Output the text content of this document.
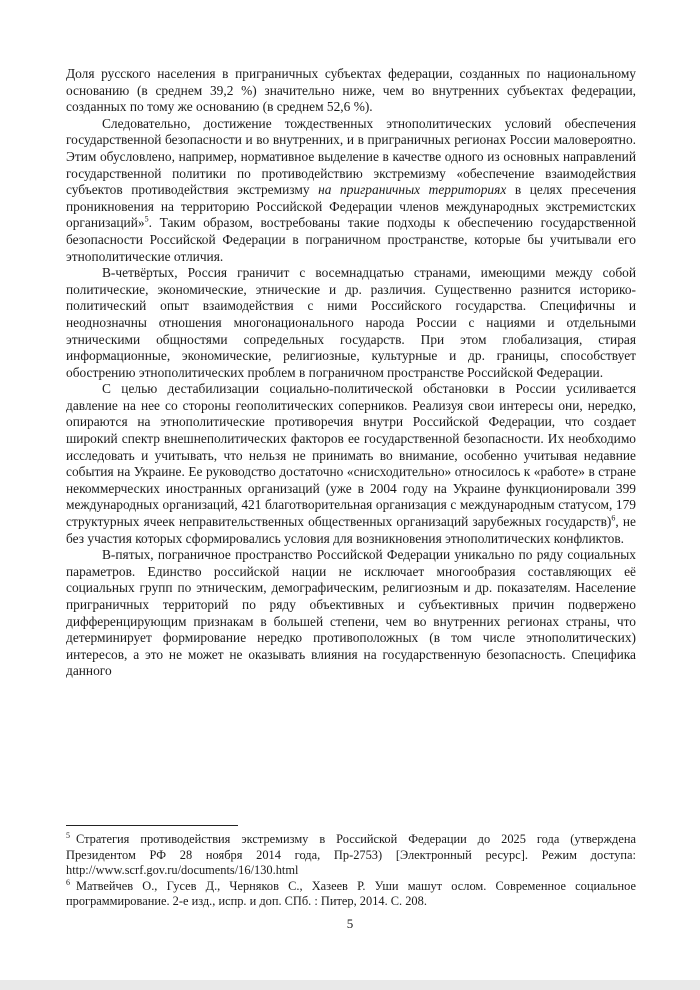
Доля русского населения в приграничных субъектах федерации, созданных по национальному основанию (в среднем 39,2 %) значительно ниже, чем во внутренних субъектах федерации, созданных по тому же основанию (в среднем 52,6 %).

Следовательно, достижение тождественных этнополитических условий обеспечения государственной безопасности и во внутренних, и в приграничных регионах России маловероятно. Этим обусловлено, например, нормативное выделение в качестве одного из основных направлений государственной политики по противодействию экстремизму «обеспечение взаимодействия субъектов противодействия экстремизму на приграничных территориях в целях пресечения проникновения на территорию Российской Федерации членов международных экстремистских организаций»$^5$. Таким образом, востребованы такие подходы к обеспечению государственной безопасности Российской Федерации в пограничном пространстве, которые бы учитывали его этнополитические отличия.

В-четвёртых, Россия граничит с восемнадцатью странами, имеющими между собой политические, экономические, этнические и др. различия. Существенно разнится историко-политический опыт взаимодействия с ними Российского государства. Специфичны и неоднозначны отношения многонационального народа России с нациями и отдельными этническими общностями сопредельных государств. При этом глобализация, стирая информационные, экономические, религиозные, культурные и др. границы, способствует обострению этнополитических проблем в пограничном пространстве Российской Федерации.

С целью дестабилизации социально-политической обстановки в России усиливается давление на нее со стороны геополитических соперников. Реализуя свои интересы они, нередко, опираются на этнополитические противоречия внутри Российской Федерации, что создает широкий спектр внешнеполитических факторов ее государственной безопасности. Их необходимо исследовать и учитывать, что нельзя не принимать во внимание, особенно учитывая недавние события на Украине. Ее руководство достаточно «снисходительно» относилось к «работе» в стране некоммерческих иностранных организаций (уже в 2004 году на Украине функционировали 399 международных организаций, 421 благотворительная организация с международным статусом, 179 структурных ячеек неправительственных общественных организаций зарубежных государств)$^6$, не без участия которых сформировались условия для возникновения этнополитических конфликтов.

В-пятых, пограничное пространство Российской Федерации уникально по ряду социальных параметров. Единство российской нации не исключает многообразия составляющих её социальных групп по этническим, демографическим, религиозным и др. показателям. Население приграничных территорий по ряду объективных и субъективных причин подвержено дифференцирующим признакам в большей степени, чем во внутренних регионах страны, что детерминирует формирование нередко противоположных (в том числе этнополитических) интересов, а это не может не оказывать влияния на государственную безопасность. Специфика данного

$^5$ Стратегия противодействия экстремизму в Российской Федерации до 2025 года (утверждена Президентом РФ 28 ноября 2014 года, Пр-2753) [Электронный ресурс]. Режим доступа: http://www.scrf.gov.ru/documents/16/130.html

$^6$ Матвейчев О., Гусев Д., Черняков С., Хазеев Р. Уши машут ослом. Современное социальное программирование. 2-е изд., испр. и доп. СПб. : Питер, 2014. С. 208.

5
